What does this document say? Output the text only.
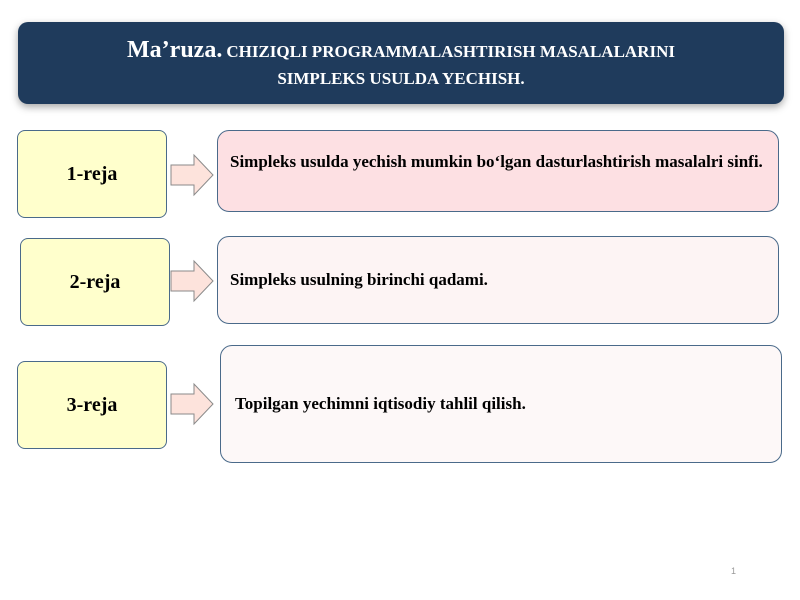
Ma’ruza. CHIZIQLI PROGRAMMALASHTIRISH MASALALARINI
SIMPLEKS USULDA YECHISH.
1-reja
Simpleks usulda yechish mumkin bo‘lgan dasturlashtirish masalalri sinfi.
2-reja	Simpleks usulning birinchi qadami.
3-reja	Topilgan yechimni iqtisodiy tahlil qilish.
1
